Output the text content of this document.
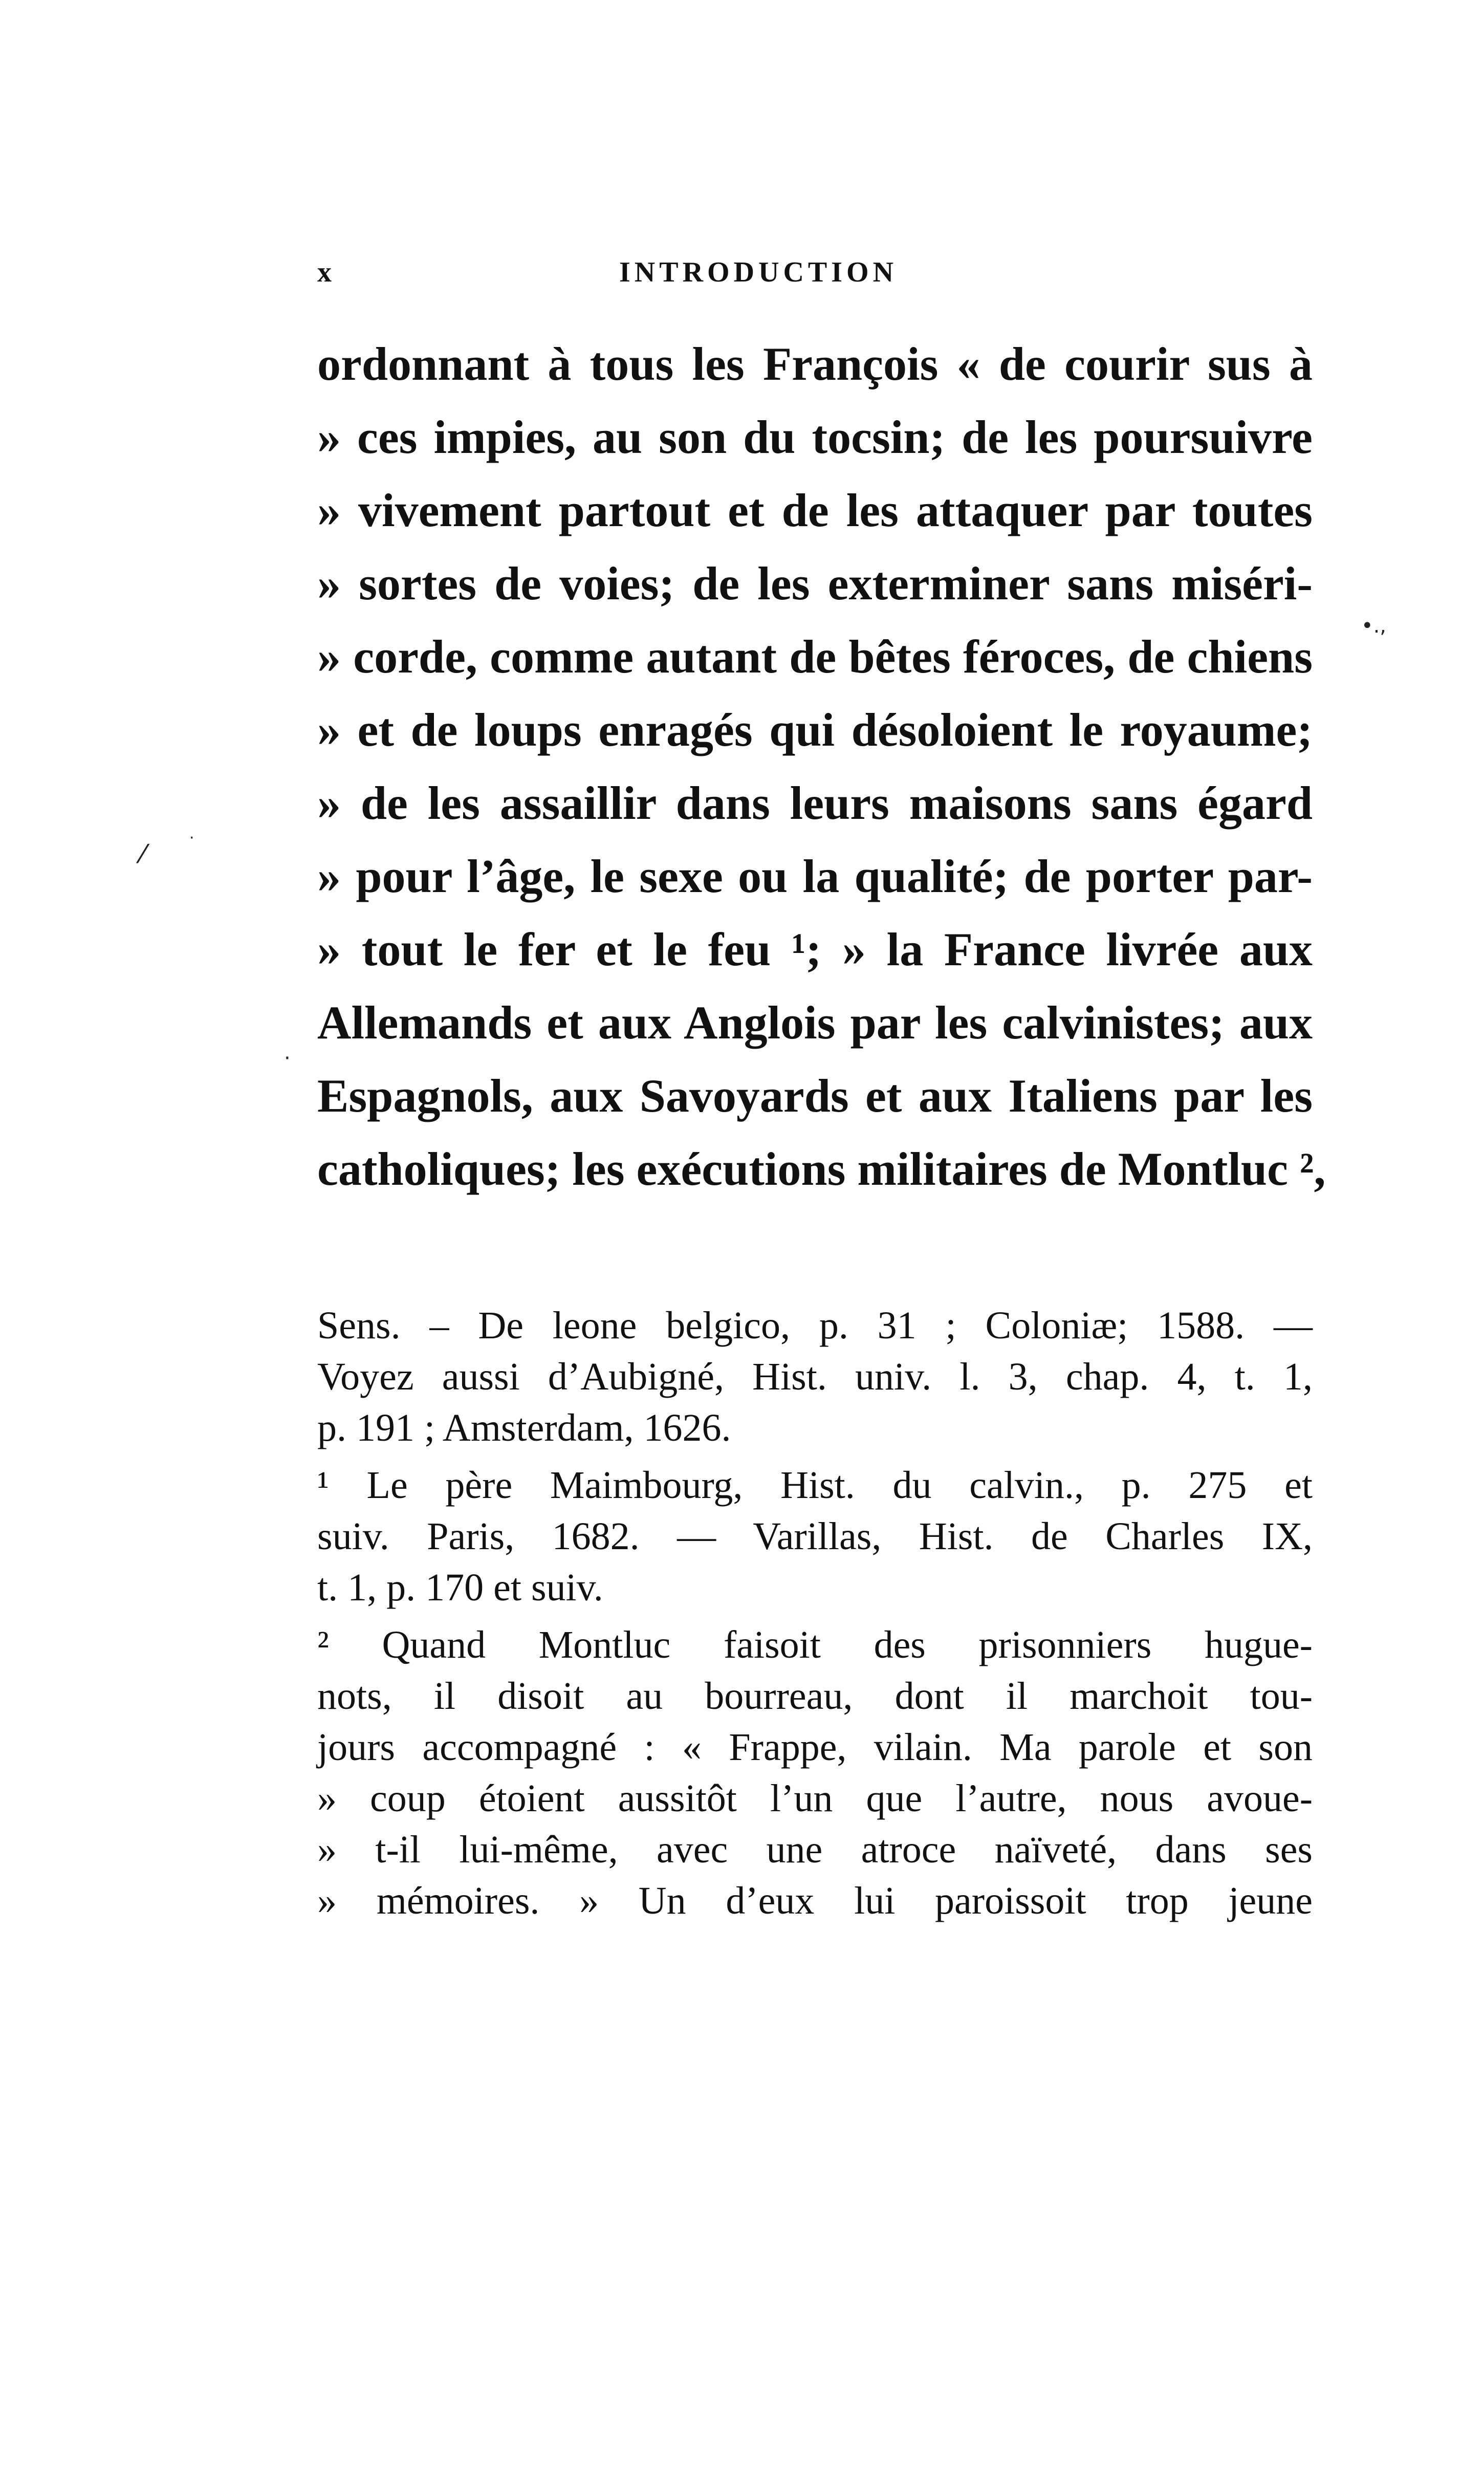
x	INTRODUCTION
ordonnant à tous les François « de courir sus à
» ces impies, au son du tocsin; de les poursuivre
» vivement partout et de les attaquer par toutes
» sortes de voies; de les exterminer sans miséri-
» corde, comme autant de bêtes féroces, de chiens
» et de loups enragés qui désoloient le royaume;
» de les assaillir dans leurs maisons sans égard
» pour l’âge, le sexe ou la qualité; de porter par-
» tout le fer et le feu ¹; » la France livrée aux
Allemands et aux Anglois par les calvinistes; aux
Espagnols, aux Savoyards et aux Italiens par les
catholiques; les exécutions militaires de Montluc ²,
Sens. – De leone belgico, p. 31 ; Coloniæ; 1588. —
Voyez aussi d’Aubigné, Hist. univ. l. 3, chap. 4, t. 1,
p. 191 ; Amsterdam, 1626.
¹ Le père Maimbourg, Hist. du calvin., p. 275 et
suiv. Paris, 1682. — Varillas, Hist. de Charles IX,
t. 1, p. 170 et suiv.
² Quand Montluc faisoit des prisonniers hugue-
nots, il disoit au bourreau, dont il marchoit tou-
jours accompagné : « Frappe, vilain. Ma parole et son
» coup étoient aussitôt l’un que l’autre, nous avoue-
» t-il lui-même, avec une atroce naïveté, dans ses
» mémoires. » Un d’eux lui paroissoit trop jeune
•.,
⁄
·
·
